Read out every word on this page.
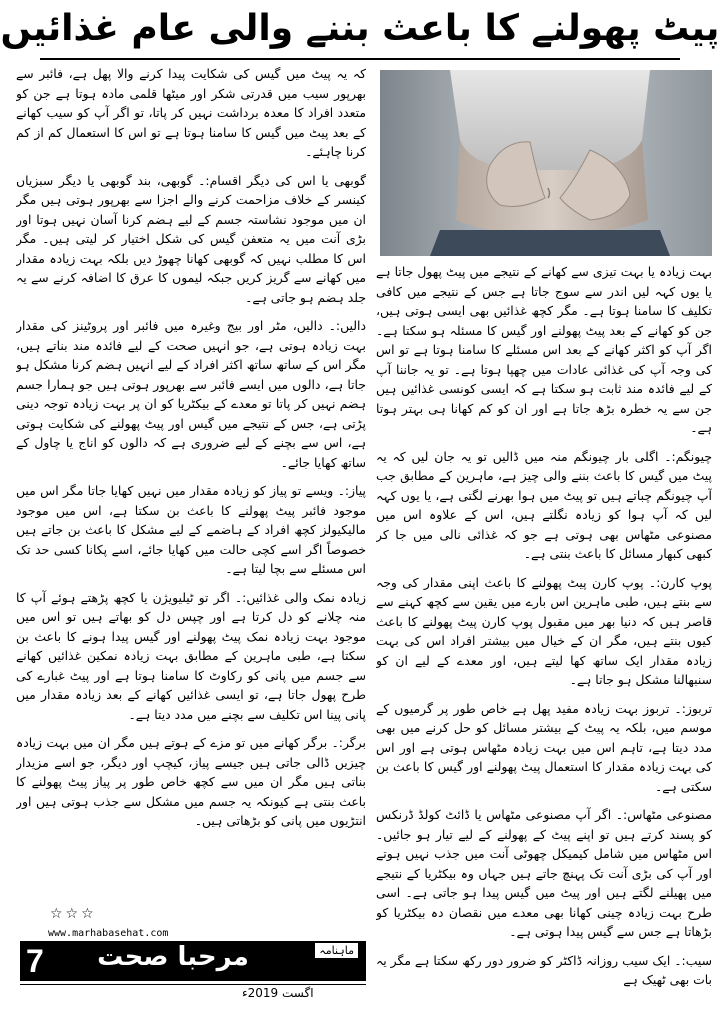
پیٹ پھولنے کا باعث بننے والی عام غذائیں

کہ یہ پیٹ میں گیس کی شکایت پیدا کرنے والا پھل ہے، فائبر سے بھرپور سیب میں قدرتی شکر اور میٹھا قلمی مادہ ہوتا ہے جن کو متعدد افراد کا معدہ برداشت نہیں کر پاتا، تو اگر آپ کو سیب کھانے کے بعد پیٹ میں گیس کا سامنا ہوتا ہے تو اس کا استعمال کم از کم کرنا چاہئے۔

گوبھی یا اس کی دیگر اقسام:۔ گوبھی، بند گوبھی یا دیگر سبزیاں کینسر کے خلاف مزاحمت کرنے والے اجزا سے بھرپور ہوتی ہیں مگر ان میں موجود نشاستہ جسم کے لیے ہضم کرنا آسان نہیں ہوتا اور بڑی آنت میں یہ متعفن گیس کی شکل اختیار کر لیتی ہیں۔ مگر اس کا مطلب نہیں کہ گوبھی کھانا چھوڑ دیں بلکہ بہت زیادہ مقدار میں کھانے سے گریز کریں جبکہ لیموں کا عرق کا اضافہ کرنے سے یہ جلد ہضم ہو جاتی ہے۔

دالیں:۔ دالیں، مٹر اور بیج وغیرہ میں فائبر اور پروٹینز کی مقدار بہت زیادہ ہوتی ہے، جو انہیں صحت کے لیے فائدہ مند بناتے ہیں، مگر اس کے ساتھ ساتھ اکثر افراد کے لیے انہیں ہضم کرنا مشکل ہو جاتا ہے، دالوں میں ایسے فائبر سے بھرپور ہوتی ہیں جو ہمارا جسم ہضم نہیں کر پاتا تو معدے کے بیکٹریا کو ان پر بہت زیادہ توجہ دینی پڑتی ہے، جس کے نتیجے میں گیس اور پیٹ پھولنے کی شکایت ہوتی ہے، اس سے بچنے کے لیے ضروری ہے کہ دالوں کو اناج یا چاول کے ساتھ کھایا جائے۔

پیاز:۔ ویسے تو پیاز کو زیادہ مقدار میں نہیں کھایا جاتا مگر اس میں موجود فائبر پیٹ پھولنے کا باعث بن سکتا ہے، اس میں موجود مالیکیولز کچھ افراد کے ہاضمے کے لیے مشکل کا باعث بن جاتے ہیں خصوصاً اگر اسے کچی حالت میں کھایا جائے، اسے پکانا کسی حد تک اس مسئلے سے بچا لیتا ہے۔

زیادہ نمک والی غذائیں:۔ اگر تو ٹیلیویژن یا کچھ پڑھتے ہوئے آپ کا منہ چلانے کو دل کرتا ہے اور چپس دل کو بھاتے ہیں تو اس میں موجود بہت زیادہ نمک پیٹ پھولنے اور گیس پیدا ہونے کا باعث بن سکتا ہے، طبی ماہرین کے مطابق بہت زیادہ نمکین غذائیں کھانے سے جسم میں پانی کو رکاوٹ کا سامنا ہوتا ہے اور پیٹ غبارے کی طرح پھول جاتا ہے، تو ایسی غذائیں کھانے کے بعد زیادہ مقدار میں پانی پینا اس تکلیف سے بچنے میں مدد دیتا ہے۔

برگر:۔ برگر کھانے میں تو مزے کے ہوتے ہیں مگر ان میں بہت زیادہ چیزیں ڈالی جاتی ہیں جیسے پیاز، کیچپ اور دیگر، جو اسے مزیدار بناتی ہیں مگر ان میں سے کچھ خاص طور پر پیاز پیٹ پھولنے کا باعث بنتی ہے کیونکہ یہ جسم میں مشکل سے جذب ہوتی ہیں اور انتڑیوں میں پانی کو بڑھاتی ہیں۔

بہت زیادہ یا بہت تیزی سے کھانے کے نتیجے میں پیٹ پھول جاتا ہے یا یوں کہہ لیں اندر سے سوج جاتا ہے جس کے نتیجے میں کافی تکلیف کا سامنا ہوتا ہے۔ مگر کچھ غذائیں بھی ایسی ہوتی ہیں، جن کو کھانے کے بعد پیٹ پھولنے اور گیس کا مسئلہ ہو سکتا ہے۔ اگر آپ کو اکثر کھانے کے بعد اس مسئلے کا سامنا ہوتا ہے تو اس کی وجہ آپ کی غذائی عادات میں چھپا ہوتا ہے۔ تو یہ جاننا آپ کے لیے فائدہ مند ثابت ہو سکتا ہے کہ ایسی کونسی غذائیں ہیں جن سے یہ خطرہ بڑھ جاتا ہے اور ان کو کم کھانا ہی بہتر ہوتا ہے۔

چیونگم:۔ اگلی بار چیونگم منہ میں ڈالیں تو یہ جان لیں کہ یہ پیٹ میں گیس کا باعث بننے والی چیز ہے، ماہرین کے مطابق جب آپ چیونگم چباتے ہیں تو پیٹ میں ہوا بھرنے لگتی ہے، یا یوں کہہ لیں کہ آپ ہوا کو زیادہ نگلتے ہیں، اس کے علاوہ اس میں مصنوعی مٹھاس بھی ہوتی ہے جو کہ غذائی نالی میں جا کر کبھی کبھار مسائل کا باعث بنتی ہے۔

پوپ کارن:۔ پوپ کارن پیٹ پھولنے کا باعث اپنی مقدار کی وجہ سے بنتے ہیں، طبی ماہرین اس بارے میں یقین سے کچھ کہنے سے قاصر ہیں کہ دنیا بھر میں مقبول پوپ کارن پیٹ پھولنے کا باعث کیوں بنتے ہیں، مگر ان کے خیال میں بیشتر افراد اس کی بہت زیادہ مقدار ایک ساتھ کھا لیتے ہیں، اور معدے کے لیے ان کو سنبھالنا مشکل ہو جاتا ہے۔

تربوز:۔ تربوز بہت زیادہ مفید پھل ہے خاص طور پر گرمیوں کے موسم میں، بلکہ یہ پیٹ کے بیشتر مسائل کو حل کرنے میں بھی مدد دیتا ہے، تاہم اس میں بہت زیادہ مٹھاس ہوتی ہے اور اس کی بہت زیادہ مقدار کا استعمال پیٹ پھولنے اور گیس کا باعث بن سکتی ہے۔

مصنوعی مٹھاس:۔ اگر آپ مصنوعی مٹھاس یا ڈائٹ کولڈ ڈرنکس کو پسند کرتے ہیں تو اپنے پیٹ کے پھولنے کے لیے تیار ہو جائیں۔ اس مٹھاس میں شامل کیمیکل چھوٹی آنت میں جذب نہیں ہوتے اور آپ کی بڑی آنت تک پہنچ جاتے ہیں جہاں وہ بیکٹریا کے نتیجے میں پھیلنے لگتے ہیں اور پیٹ میں گیس پیدا ہو جاتی ہے۔ اسی طرح بہت زیادہ چینی کھانا بھی معدے میں نقصان دہ بیکٹریا کو بڑھاتا ہے جس سے گیس پیدا ہوتی ہے۔

سیب:۔ ایک سیب روزانہ ڈاکٹر کو ضرور دور رکھ سکتا ہے مگر یہ بات بھی ٹھیک ہے

☆☆☆
www.marhabasehat.com
7	مرحبا صحت	ماہنامہ
اگست 2019ء
